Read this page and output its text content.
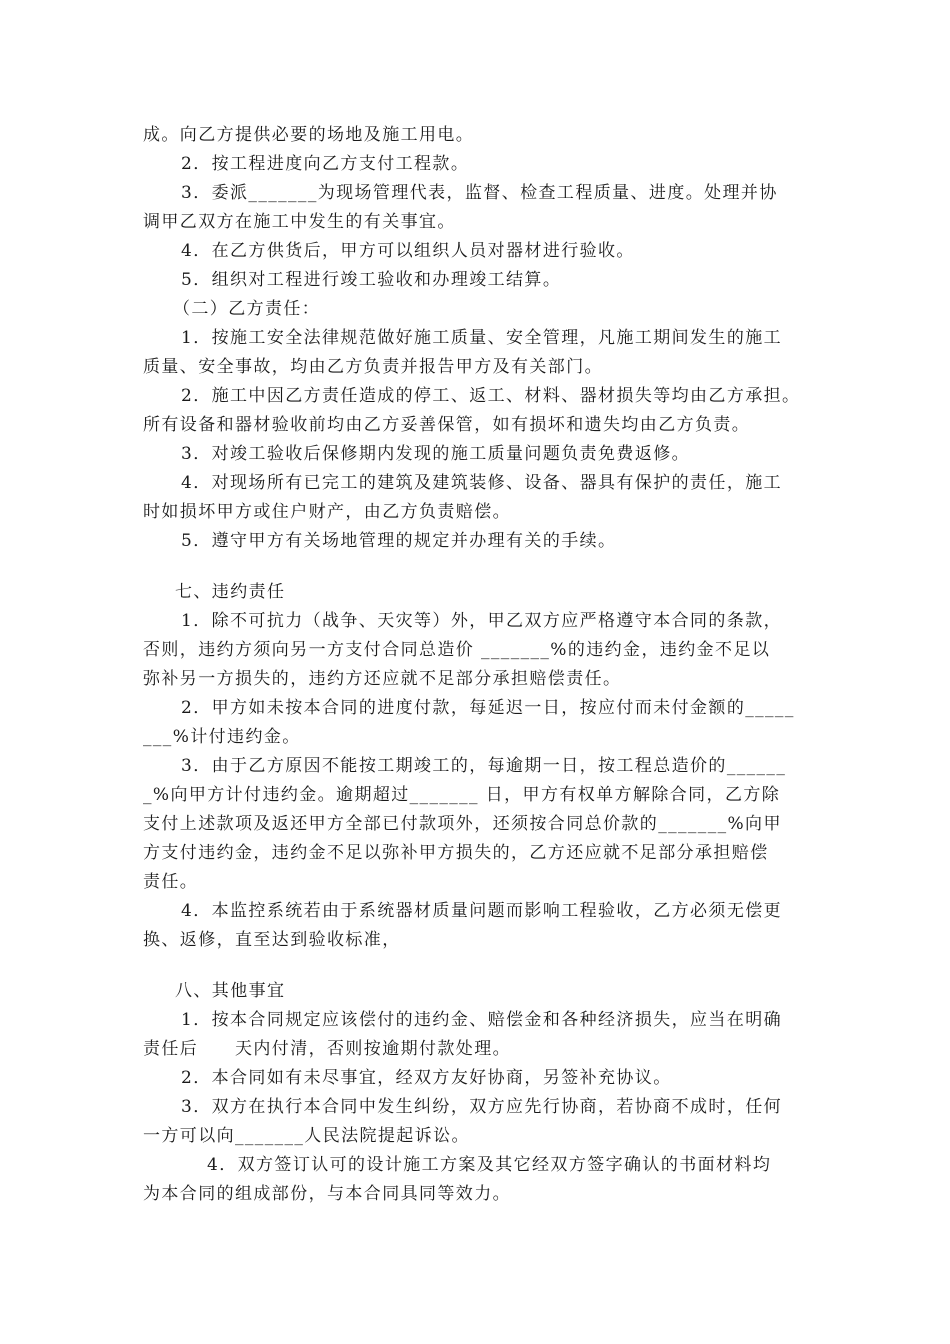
成。向乙方提供必要的场地及施工用电。
2．按工程进度向乙方支付工程款。
3．委派_______为现场管理代表，监督、检查工程质量、进度。处理并协
调甲乙双方在施工中发生的有关事宜。
4．在乙方供货后，甲方可以组织人员对器材进行验收。
5．组织对工程进行竣工验收和办理竣工结算。
（二）乙方责任：
1．按施工安全法律规范做好施工质量、安全管理，凡施工期间发生的施工
质量、安全事故，均由乙方负责并报告甲方及有关部门。
2．施工中因乙方责任造成的停工、返工、材料、器材损失等均由乙方承担。
所有设备和器材验收前均由乙方妥善保管，如有损坏和遗失均由乙方负责。
3．对竣工验收后保修期内发现的施工质量问题负责免费返修。
4．对现场所有已完工的建筑及建筑装修、设备、器具有保护的责任，施工
时如损坏甲方或住户财产，由乙方负责赔偿。
5．遵守甲方有关场地管理的规定并办理有关的手续。
七、违约责任
1．除不可抗力（战争、天灾等）外，甲乙双方应严格遵守本合同的条款，
否则，违约方须向另一方支付合同总造价 _______%的违约金，违约金不足以
弥补另一方损失的，违约方还应就不足部分承担赔偿责任。
2．甲方如未按本合同的进度付款，每延迟一日，按应付而未付金额的_____
___%计付违约金。
3．由于乙方原因不能按工期竣工的，每逾期一日，按工程总造价的______
_%向甲方计付违约金。逾期超过_______ 日，甲方有权单方解除合同，乙方除
支付上述款项及返还甲方全部已付款项外，还须按合同总价款的_______%向甲
方支付违约金，违约金不足以弥补甲方损失的，乙方还应就不足部分承担赔偿
责任。
4．本监控系统若由于系统器材质量问题而影响工程验收，乙方必须无偿更
换、返修，直至达到验收标准，
八、其他事宜
1．按本合同规定应该偿付的违约金、赔偿金和各种经济损失，应当在明确
责任后　　天内付清，否则按逾期付款处理。
2．本合同如有未尽事宜，经双方友好协商，另签补充协议。
3．双方在执行本合同中发生纠纷，双方应先行协商，若协商不成时，任何
一方可以向_______人民法院提起诉讼。
4．双方签订认可的设计施工方案及其它经双方签字确认的书面材料均
为本合同的组成部份，与本合同具同等效力。
